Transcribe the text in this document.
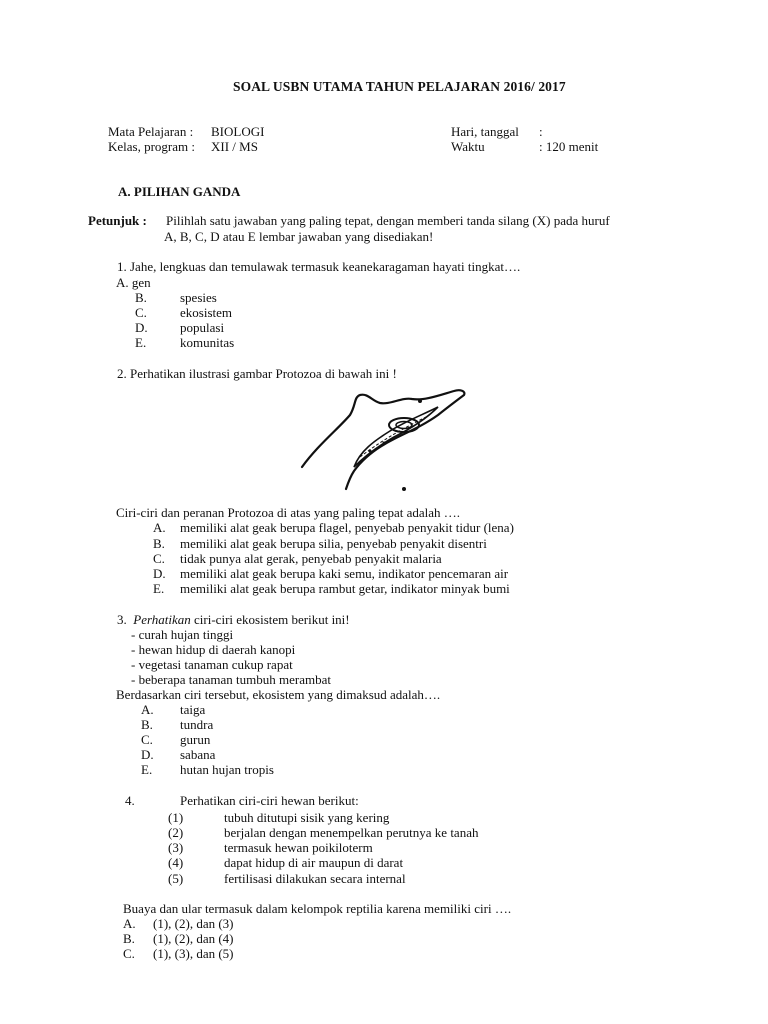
SOAL USBN UTAMA TAHUN PELAJARAN 2016/ 2017
Mata Pelajaran : BIOLOGI
Kelas, program : XII / MS
Hari, tanggal :
Waktu	: 120 menit
A. PILIHAN GANDA
Petunjuk : Pilihlah satu jawaban yang paling tepat, dengan memberi tanda silang (X) pada huruf
A, B, C, D atau E lembar jawaban yang disediakan!
1. Jahe, lengkuas dan temulawak termasuk keanekaragaman hayati tingkat….
A. gen
B.	spesies
C.	ekosistem
D. populasi
E.	komunitas
2. Perhatikan ilustrasi gambar Protozoa di bawah ini !
Ciri-ciri dan peranan Protozoa di atas yang paling tepat adalah ….
A. memiliki alat geak berupa flagel, penyebab penyakit tidur (lena)
B. memiliki alat geak berupa silia, penyebab penyakit disentri
C. tidak punya alat gerak, penyebab penyakit malaria
D. memiliki alat geak berupa kaki semu, indikator pencemaran air
E. memiliki alat geak berupa rambut getar, indikator minyak bumi
3. Perhatikan ciri-ciri ekosistem berikut ini!
- curah hujan tinggi
- hewan hidup di daerah kanopi
- vegetasi tanaman cukup rapat
- beberapa tanaman tumbuh merambat
Berdasarkan ciri tersebut, ekosistem yang dimaksud adalah….
A. taiga
B. tundra
C. gurun
D. sabana
E. hutan hujan tropis
4.	Perhatikan ciri-ciri hewan berikut:
(1)	tubuh ditutupi sisik yang kering
(2)	berjalan dengan menempelkan perutnya ke tanah
(3)	termasuk hewan poikiloterm
(4)	dapat hidup di air maupun di darat
(5)	fertilisasi dilakukan secara internal
Buaya dan ular termasuk dalam kelompok reptilia karena memiliki ciri ….
A. (1), (2), dan (3)
B. (1), (2), dan (4)
C. (1), (3), dan (5)
